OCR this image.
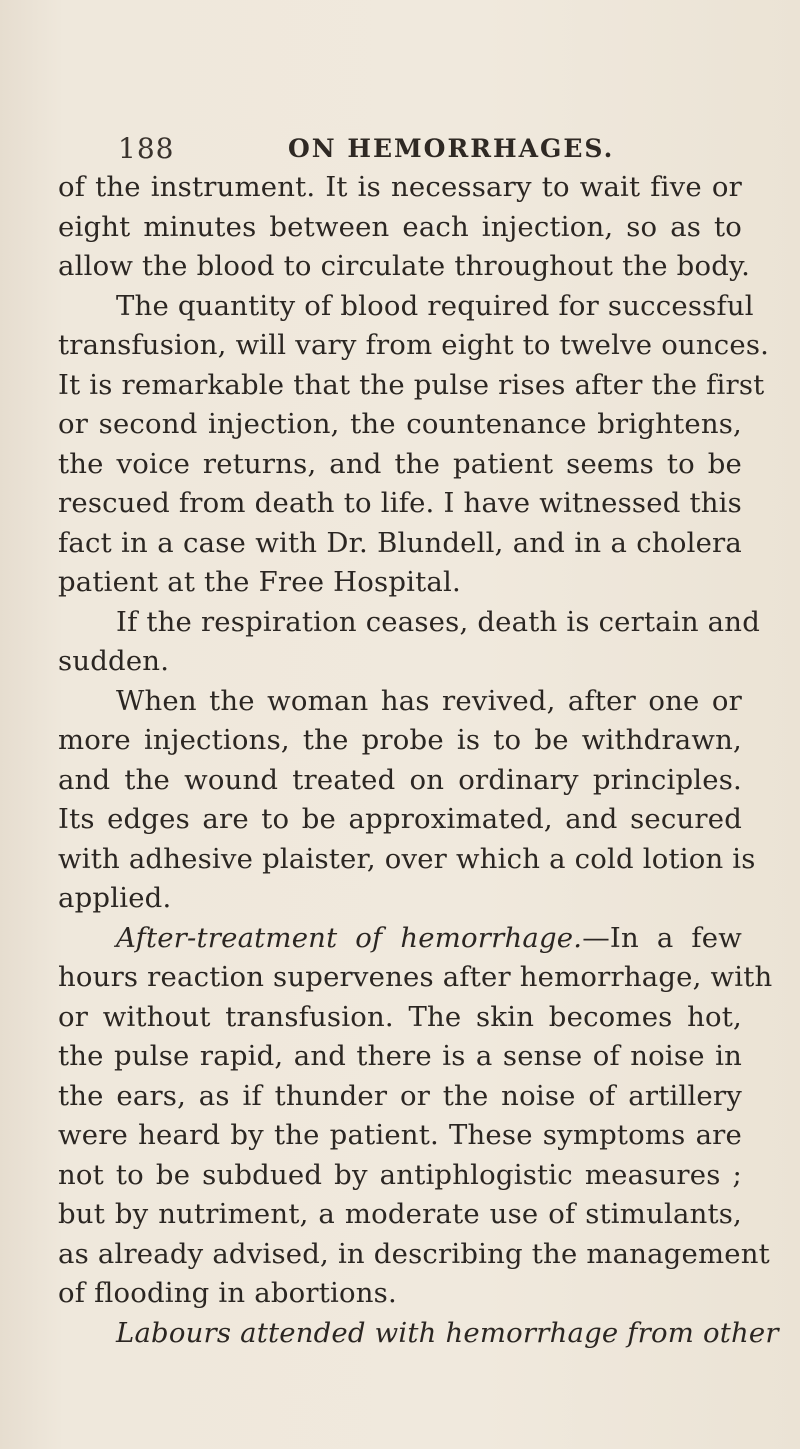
188	ON HEMORRHAGES.
of the instrument. It is necessary to wait five or
eight minutes between each injection, so as to
allow the blood to circulate throughout the body.
The quantity of blood required for successful
transfusion, will vary from eight to twelve ounces.
It is remarkable that the pulse rises after the first
or second injection, the countenance brightens,
the voice returns, and the patient seems to be
rescued from death to life. I have witnessed this
fact in a case with Dr. Blundell, and in a cholera
patient at the Free Hospital.
If the respiration ceases, death is certain and
sudden.
When the woman has revived, after one or
more injections, the probe is to be withdrawn,
and the wound treated on ordinary principles.
Its edges are to be approximated, and secured
with adhesive plaister, over which a cold lotion is
applied.
After-treatment of hemorrhage.—In a few
hours reaction supervenes after hemorrhage, with
or without transfusion. The skin becomes hot,
the pulse rapid, and there is a sense of noise in
the ears, as if thunder or the noise of artillery
were heard by the patient. These symptoms are
not to be subdued by antiphlogistic measures ;
but by nutriment, a moderate use of stimulants,
as already advised, in describing the management
of flooding in abortions.
Labours attended with hemorrhage from other
